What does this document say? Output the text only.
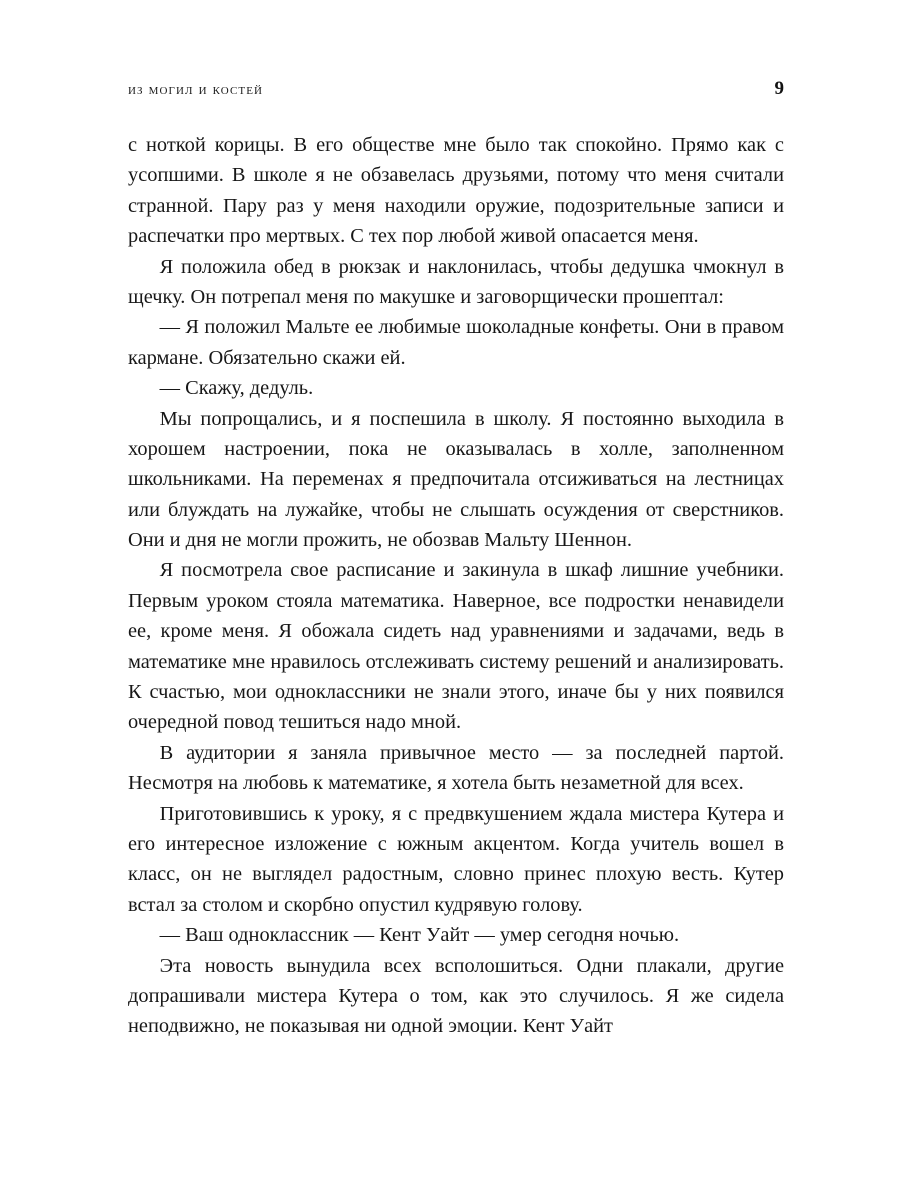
из могил и костей	9

с ноткой корицы. В его обществе мне было так спокойно. Прямо как с усопшими. В школе я не обзавелась друзьями, потому что меня считали странной. Пару раз у меня находили оружие, подозрительные записи и распечатки про мертвых. С тех пор любой живой опасается меня.

Я положила обед в рюкзак и наклонилась, чтобы дедушка чмокнул в щечку. Он потрепал меня по макушке и заговорщически прошептал:

— Я положил Мальте ее любимые шоколадные конфеты. Они в правом кармане. Обязательно скажи ей.

— Скажу, дедуль.

Мы попрощались, и я поспешила в школу. Я постоянно выходила в хорошем настроении, пока не оказывалась в холле, заполненном школьниками. На переменах я предпочитала отсиживаться на лестницах или блуждать на лужайке, чтобы не слышать осуждения от сверстников. Они и дня не могли прожить, не обозвав Мальту Шеннон.

Я посмотрела свое расписание и закинула в шкаф лишние учебники. Первым уроком стояла математика. Наверное, все подростки ненавидели ее, кроме меня. Я обожала сидеть над уравнениями и задачами, ведь в математике мне нравилось отслеживать систему решений и анализировать. К счастью, мои одноклассники не знали этого, иначе бы у них появился очередной повод тешиться надо мной.

В аудитории я заняла привычное место — за последней партой. Несмотря на любовь к математике, я хотела быть незаметной для всех.

Приготовившись к уроку, я с предвкушением ждала мистера Кутера и его интересное изложение с южным акцентом. Когда учитель вошел в класс, он не выглядел радостным, словно принес плохую весть. Кутер встал за столом и скорбно опустил кудрявую голову.

— Ваш одноклассник — Кент Уайт — умер сегодня ночью.

Эта новость вынудила всех всполошиться. Одни плакали, другие допрашивали мистера Кутера о том, как это случилось. Я же сидела неподвижно, не показывая ни одной эмоции. Кент Уайт
